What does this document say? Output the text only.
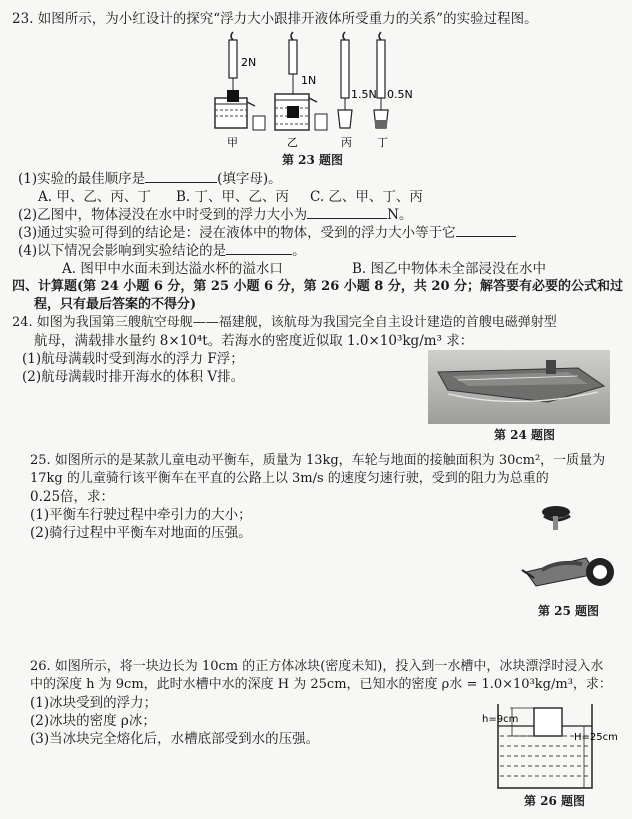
23. 如图所示，为小红设计的探究“浮力大小跟排开液体所受重力的关系”的实验过程图。
2N
1N
1.5N 0.5N
甲	乙	丙 丁
第 23 题图
(1)实验的最佳顺序是	(填字母)。
A. 甲、乙、丙、丁 B. 丁、甲、乙、丙 C. 乙、甲、丁、丙
(2)乙图中，物体浸没在水中时受到的浮力大小为	N。
(3)通过实验可得到的结论是：浸在液体中的物体，受到的浮力大小等于它
(4)以下情况会影响到实验结论的是	。
A. 图甲中水面未到达溢水杯的溢水口	B. 图乙中物体未全部浸没在水中
四、计算题(第 24 小题 6 分，第 25 小题 6 分，第 26 小题 8 分，共 20 分；解答要有必要的公式和过
程，只有最后答案的不得分)
24. 如图为我国第三艘航空母舰——福建舰，该航母为我国完全自主设计建造的首艘电磁弹射型
航母，满载排水量约 8×10⁴t。若海水的密度近似取 1.0×10³kg/m³ 求：
(1)航母满载时受到海水的浮力 F浮；
(2)航母满载时排开海水的体积 V排。
第 24 题图
25. 如图所示的是某款儿童电动平衡车，质量为 13kg，车轮与地面的接触面积为 30cm²，一质量为
17kg 的儿童骑行该平衡车在平直的公路上以 3m/s 的速度匀速行驶，受到的阻力为总重的
0.25倍，求：
(1)平衡车行驶过程中牵引力的大小；
(2)骑行过程中平衡车对地面的压强。
第 25 题图
26. 如图所示，将一块边长为 10cm 的正方体冰块(密度未知)，投入到一水槽中，冰块漂浮时浸入水
中的深度 h 为 9cm，此时水槽中水的深度 H 为 25cm，已知水的密度 ρ水 = 1.0×10³kg/m³，求：
(1)冰块受到的浮力；
(2)冰块的密度 ρ冰；
(3)当冰块完全熔化后，水槽底部受到水的压强。
h=9cm
H=25cm
第 26 题图
